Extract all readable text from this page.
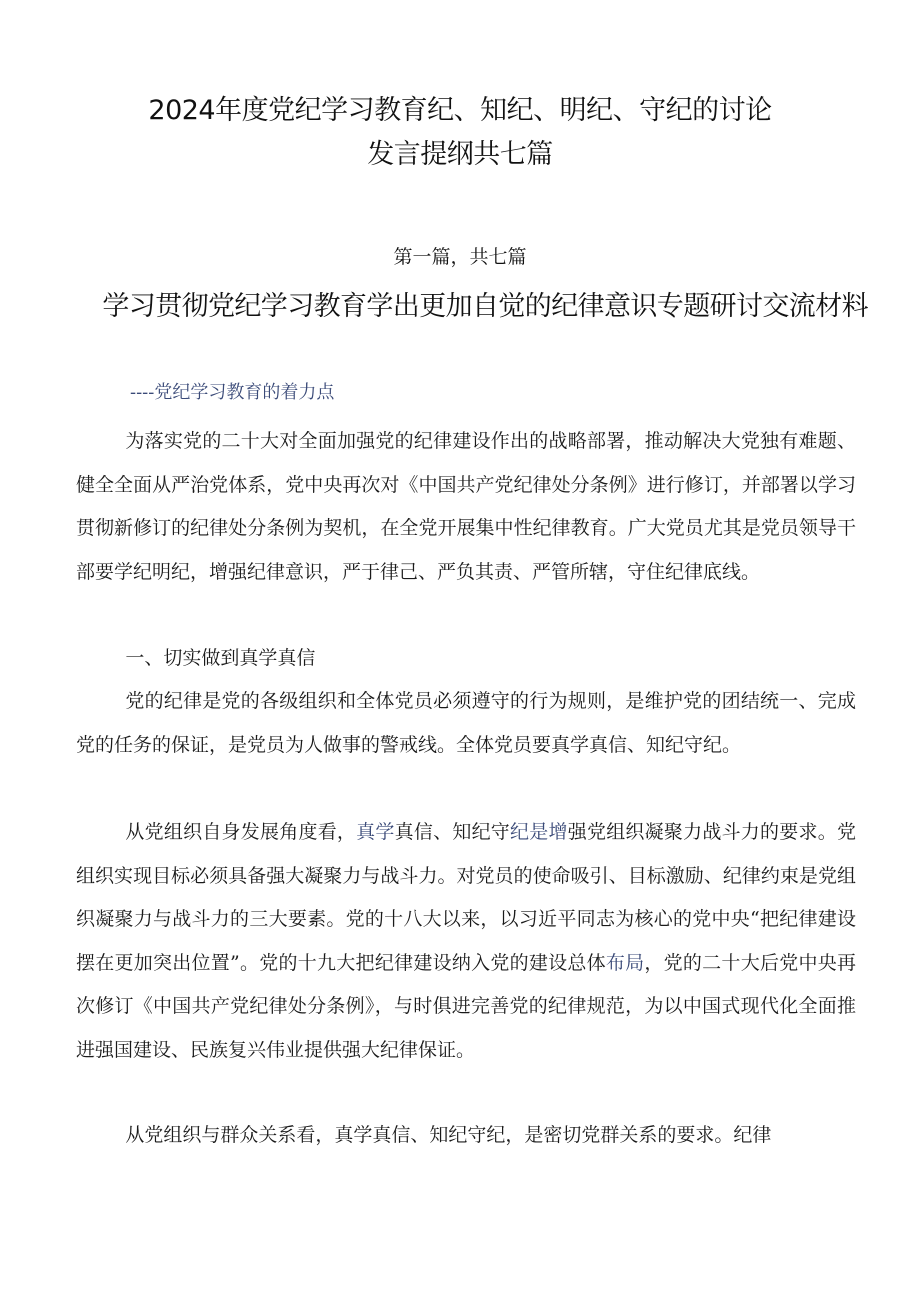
2024年度党纪学习教育纪、知纪、明纪、守纪的讨论
发言提纲共七篇
第一篇，共七篇
学习贯彻党纪学习教育学出更加自觉的纪律意识专题研讨交流材料
----党纪学习教育的着力点

为落实党的二十大对全面加强党的纪律建设作出的战略部署，推动解决大党独有难题、健全全面从严治党体系，党中央再次对《中国共产党纪律处分条例》进行修订，并部署以学习贯彻新修订的纪律处分条例为契机，在全党开展集中性纪律教育。广大党员尤其是党员领导干部要学纪明纪，增强纪律意识，严于律己、严负其责、严管所辖，守住纪律底线。

一、切实做到真学真信

党的纪律是党的各级组织和全体党员必须遵守的行为规则，是维护党的团结统一、完成党的任务的保证，是党员为人做事的警戒线。全体党员要真学真信、知纪守纪。

从党组织自身发展角度看，真学真信、知纪守纪是增强党组织凝聚力战斗力的要求。党组织实现目标必须具备强大凝聚力与战斗力。对党员的使命吸引、目标激励、纪律约束是党组织凝聚力与战斗力的三大要素。党的十八大以来，以习近平同志为核心的党中央“把纪律建设摆在更加突出位置”。党的十九大把纪律建设纳入党的建设总体布局，党的二十大后党中央再次修订《中国共产党纪律处分条例》，与时俱进完善党的纪律规范，为以中国式现代化全面推进强国建设、民族复兴伟业提供强大纪律保证。

从党组织与群众关系看，真学真信、知纪守纪，是密切党群关系的要求。纪律
